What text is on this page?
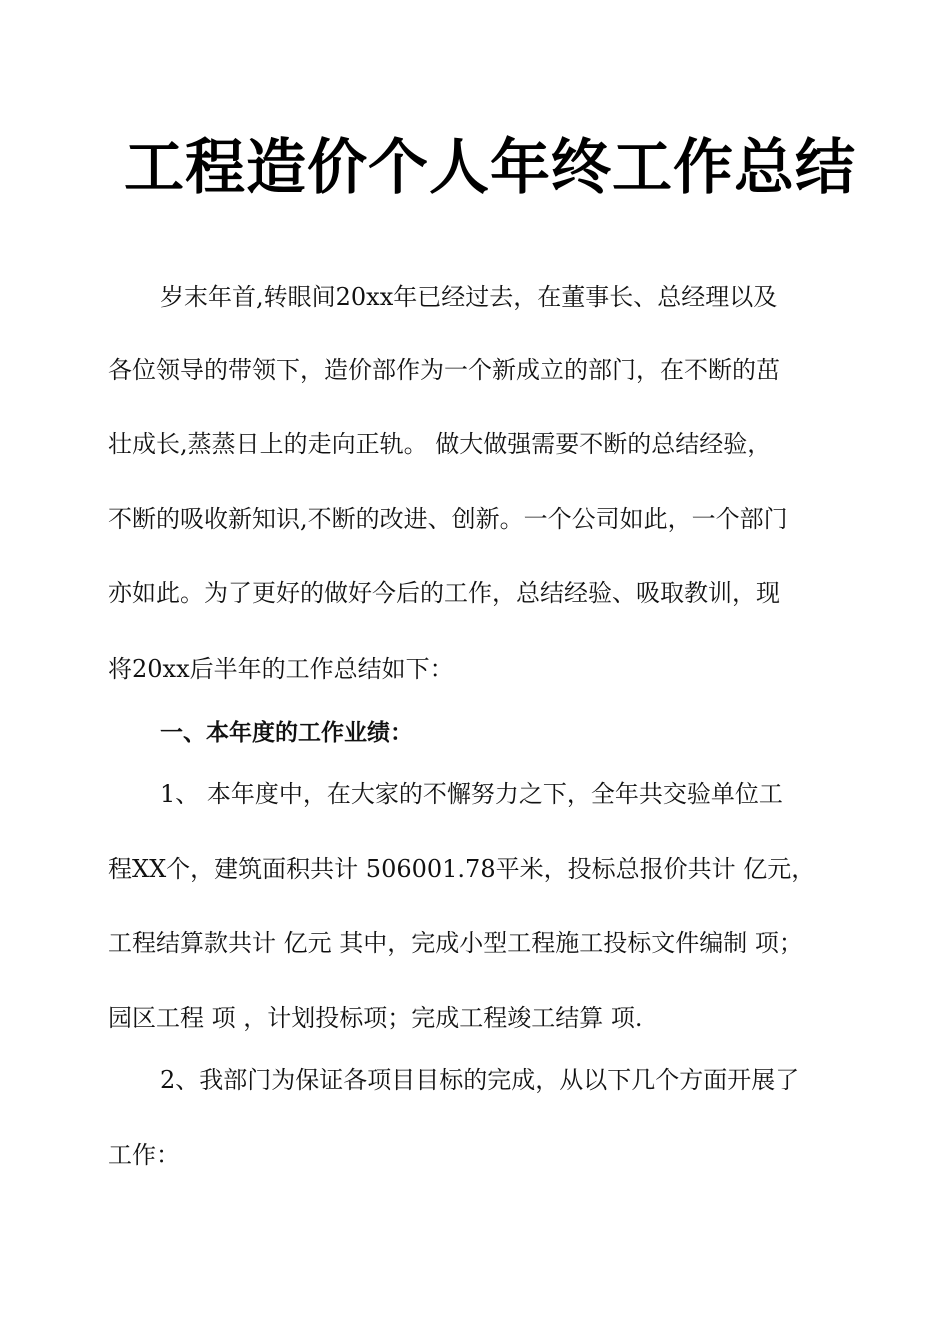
工程造价个人年终工作总结
岁末年首,转眼间20xx年已经过去，在董事长、总经理以及
各位领导的带领下，造价部作为一个新成立的部门，在不断的茁
壮成长,蒸蒸日上的走向正轨。 做大做强需要不断的总结经验，
不断的吸收新知识,不断的改进、创新。一个公司如此，一个部门
亦如此。为了更好的做好今后的工作，总结经验、吸取教训，现
将20xx后半年的工作总结如下：
一、本年度的工作业绩：
1、 本年度中，在大家的不懈努力之下，全年共交验单位工
程XX个，建筑面积共计 506001.78平米，投标总报价共计 亿元，
工程结算款共计 亿元 其中，完成小型工程施工投标文件编制 项；
园区工程 项 ，计划投标项；完成工程竣工结算 项.
2、我部门为保证各项目目标的完成，从以下几个方面开展了
工作：
